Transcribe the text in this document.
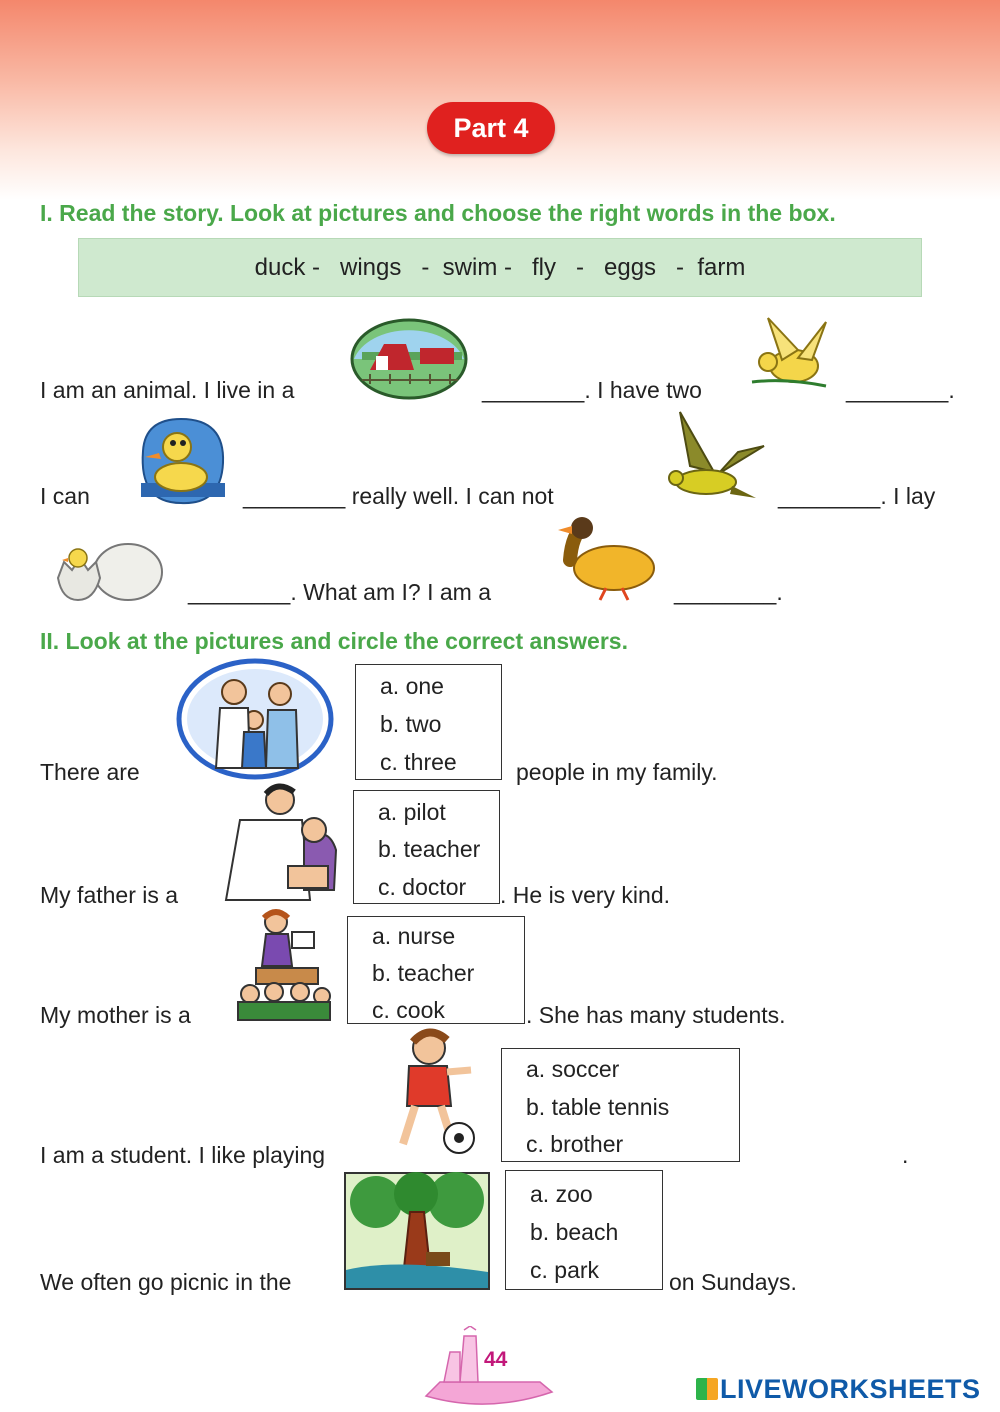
Part 4
I. Read the story. Look at pictures and choose the right words in the box.
duck -   wings   -  swim -   fly   -   eggs   -  farm
I am an animal. I live in a	________. I have two	________.
I can	________ really well. I can not	________. I lay
________. What am I? I am a	________.
II. Look at the pictures and circle the correct answers.
There are
a. one
b. two
c. three	people in my family.
My father is a
a. pilot
b. teacher
c. doctor . He is very kind.
My mother is a
a. nurse
b. teacher
c. cook	. She has many students.
I am a student. I like playing
a. soccer
b. table tennis
c. brother	.
We often go picnic in the
a. zoo
b. beach
c. park	on Sundays.
44
LIVEWORKSHEETS
